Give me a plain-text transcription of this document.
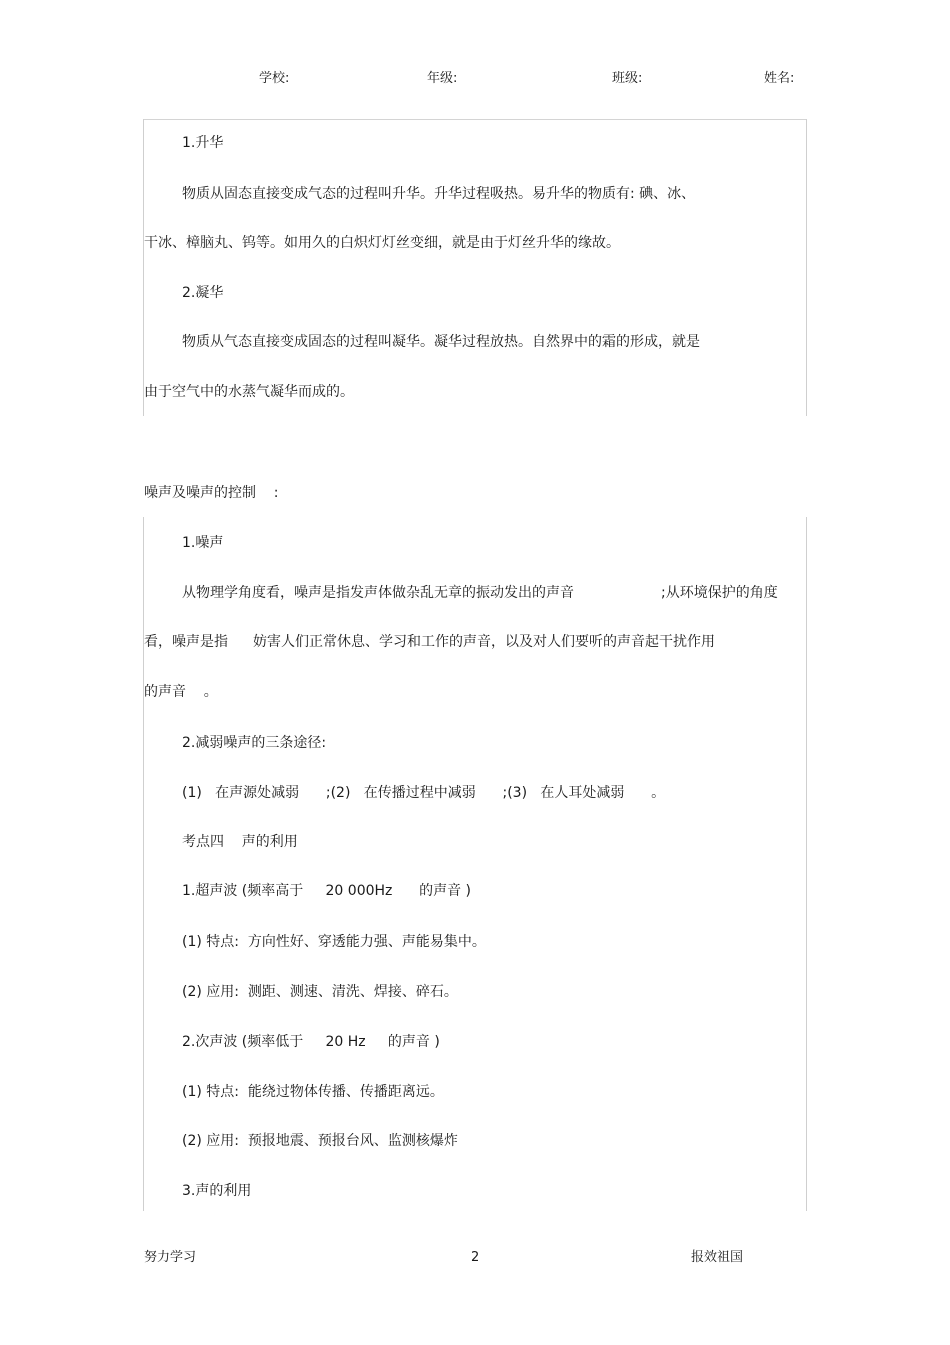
学校:	年级:	班级:	姓名:
1.升华
物质从固态直接变成气态的过程叫升华。升华过程吸热。易升华的物质有: 碘、冰、
干冰、樟脑丸、钨等。如用久的白炽灯灯丝变细，就是由于灯丝升华的缘故。
2.凝华
物质从气态直接变成固态的过程叫凝华。凝华过程放热。自然界中的霜的形成，就是
由于空气中的水蒸气凝华而成的。
噪声及噪声的控制    :
1.噪声
从物理学角度看，噪声是指发声体做杂乱无章的振动发出的声音	;从环境保护的角度
看，噪声是指 妨害人们正常休息、学习和工作的声音，以及对人们要听的声音起干扰作用
的声音    。
2.减弱噪声的三条途径:
(1)   在声源处减弱      ;(2)   在传播过程中减弱      ;(3)   在人耳处减弱      。
考点四    声的利用
1.超声波 (频率高于     20 000Hz      的声音 )
(1) 特点:  方向性好、穿透能力强、声能易集中。
(2) 应用:  测距、测速、清洗、焊接、碎石。
2.次声波 (频率低于     20 Hz     的声音 )
(1) 特点:  能绕过物体传播、传播距离远。
(2) 应用:  预报地震、预报台风、监测核爆炸
3.声的利用
努力学习	2	报效祖国
